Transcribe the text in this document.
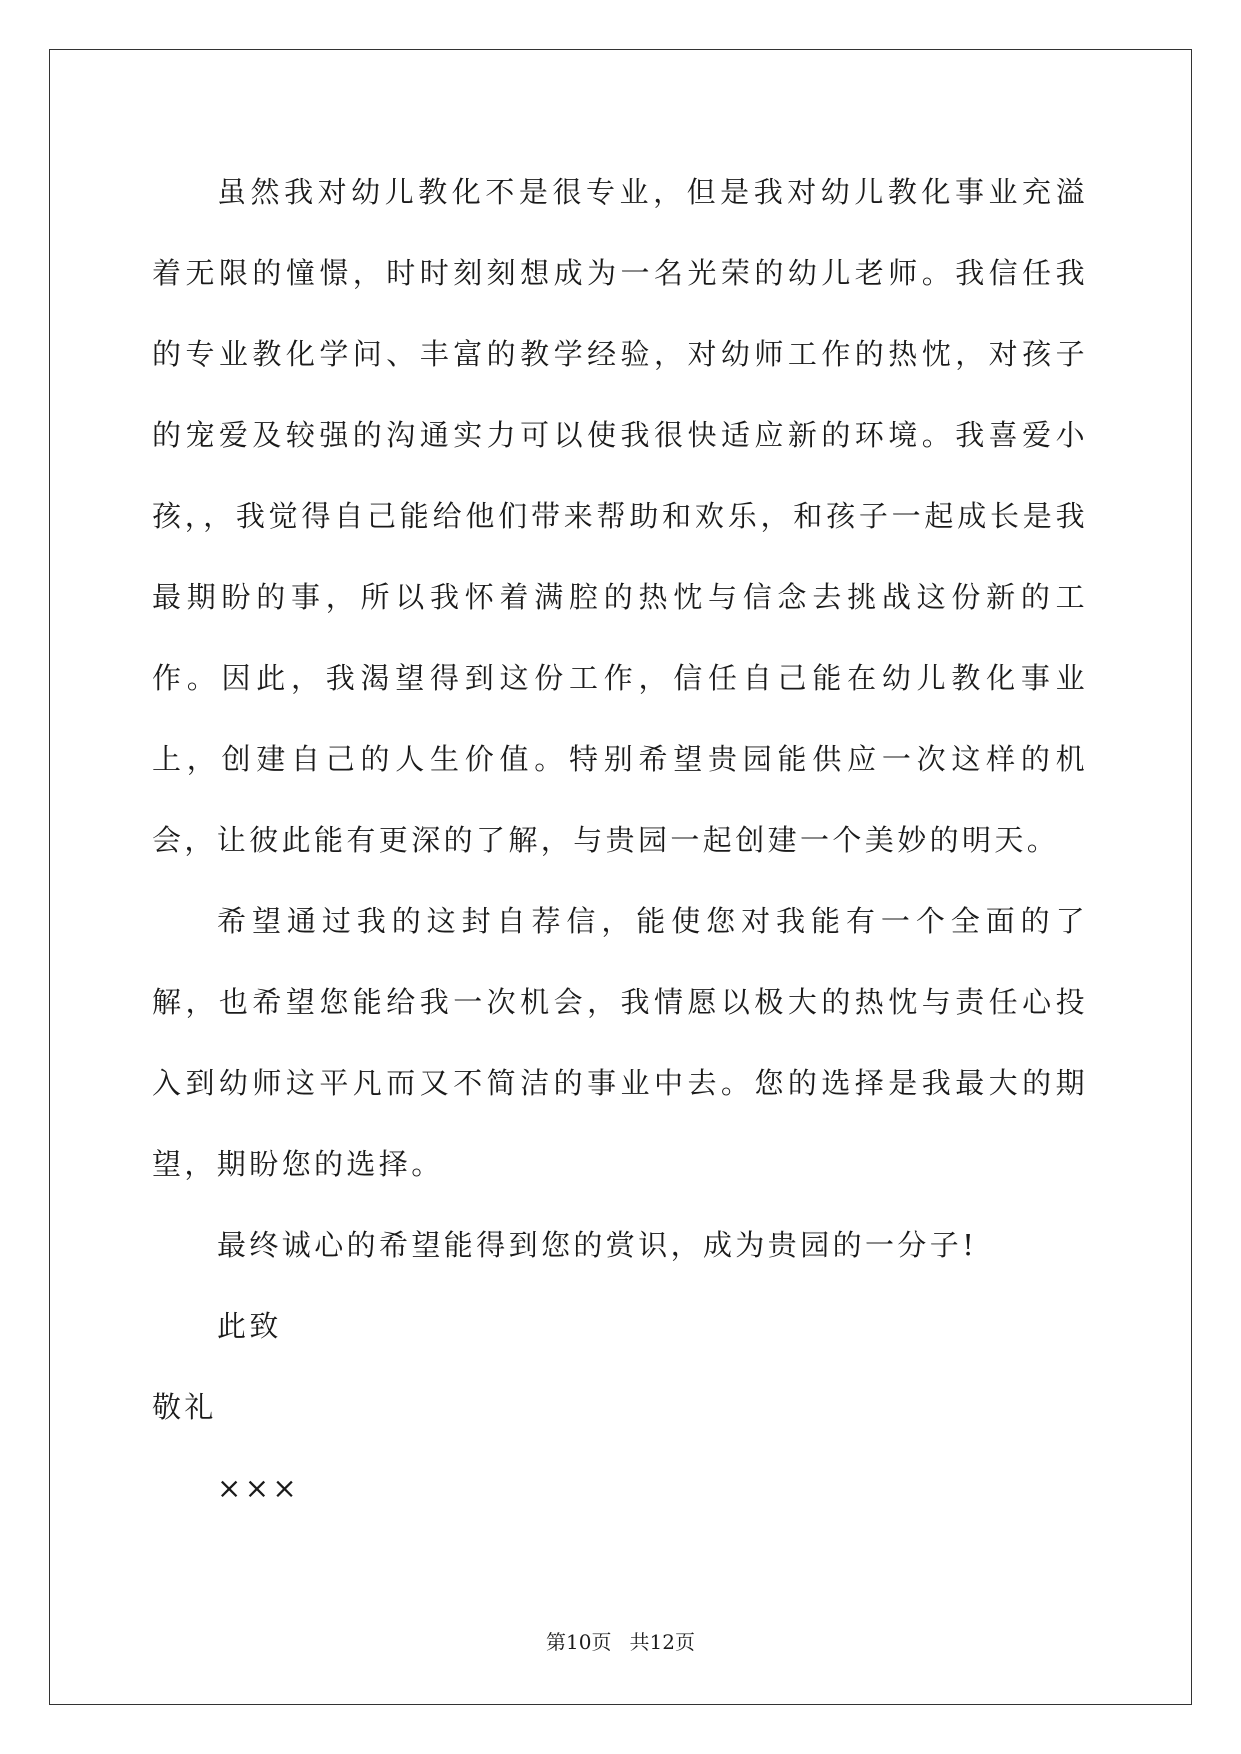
虽然我对幼儿教化不是很专业，但是我对幼儿教化事业充溢着无限的憧憬，时时刻刻想成为一名光荣的幼儿老师。我信任我的专业教化学问、丰富的教学经验，对幼师工作的热忱，对孩子的宠爱及较强的沟通实力可以使我很快适应新的环境。我喜爱小孩，，我觉得自己能给他们带来帮助和欢乐，和孩子一起成长是我最期盼的事，所以我怀着满腔的热忱与信念去挑战这份新的工作。因此，我渴望得到这份工作，信任自己能在幼儿教化事业上，创建自己的人生价值。特别希望贵园能供应一次这样的机会，让彼此能有更深的了解，与贵园一起创建一个美妙的明天。

希望通过我的这封自荐信，能使您对我能有一个全面的了解，也希望您能给我一次机会，我情愿以极大的热忱与责任心投入到幼师这平凡而又不简洁的事业中去。您的选择是我最大的期望，期盼您的选择。

最终诚心的希望能得到您的赏识，成为贵园的一分子!

此致

敬礼

×××

第10页 共12页
